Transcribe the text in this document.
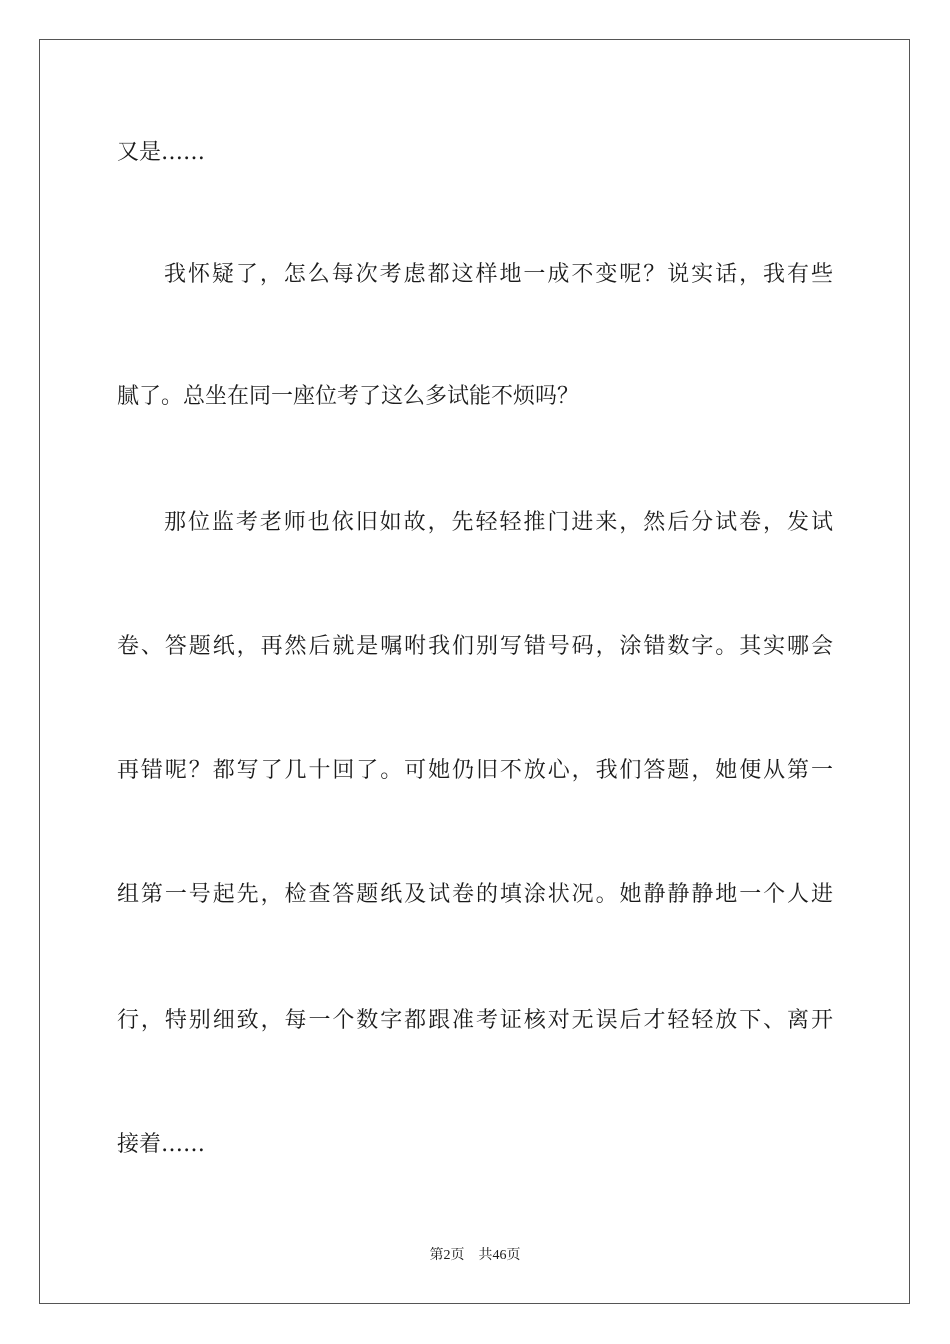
又是……
我怀疑了，怎么每次考虑都这样地一成不变呢？说实话，我有些
腻了。总坐在同一座位考了这么多试能不烦吗？
那位监考老师也依旧如故，先轻轻推门进来，然后分试卷，发试
卷、答题纸，再然后就是嘱咐我们别写错号码，涂错数字。其实哪会
再错呢？都写了几十回了。可她仍旧不放心，我们答题，她便从第一
组第一号起先，检查答题纸及试卷的填涂状况。她静静静地一个人进
行，特别细致，每一个数字都跟准考证核对无误后才轻轻放下、离开
接着……
第2页 共46页
